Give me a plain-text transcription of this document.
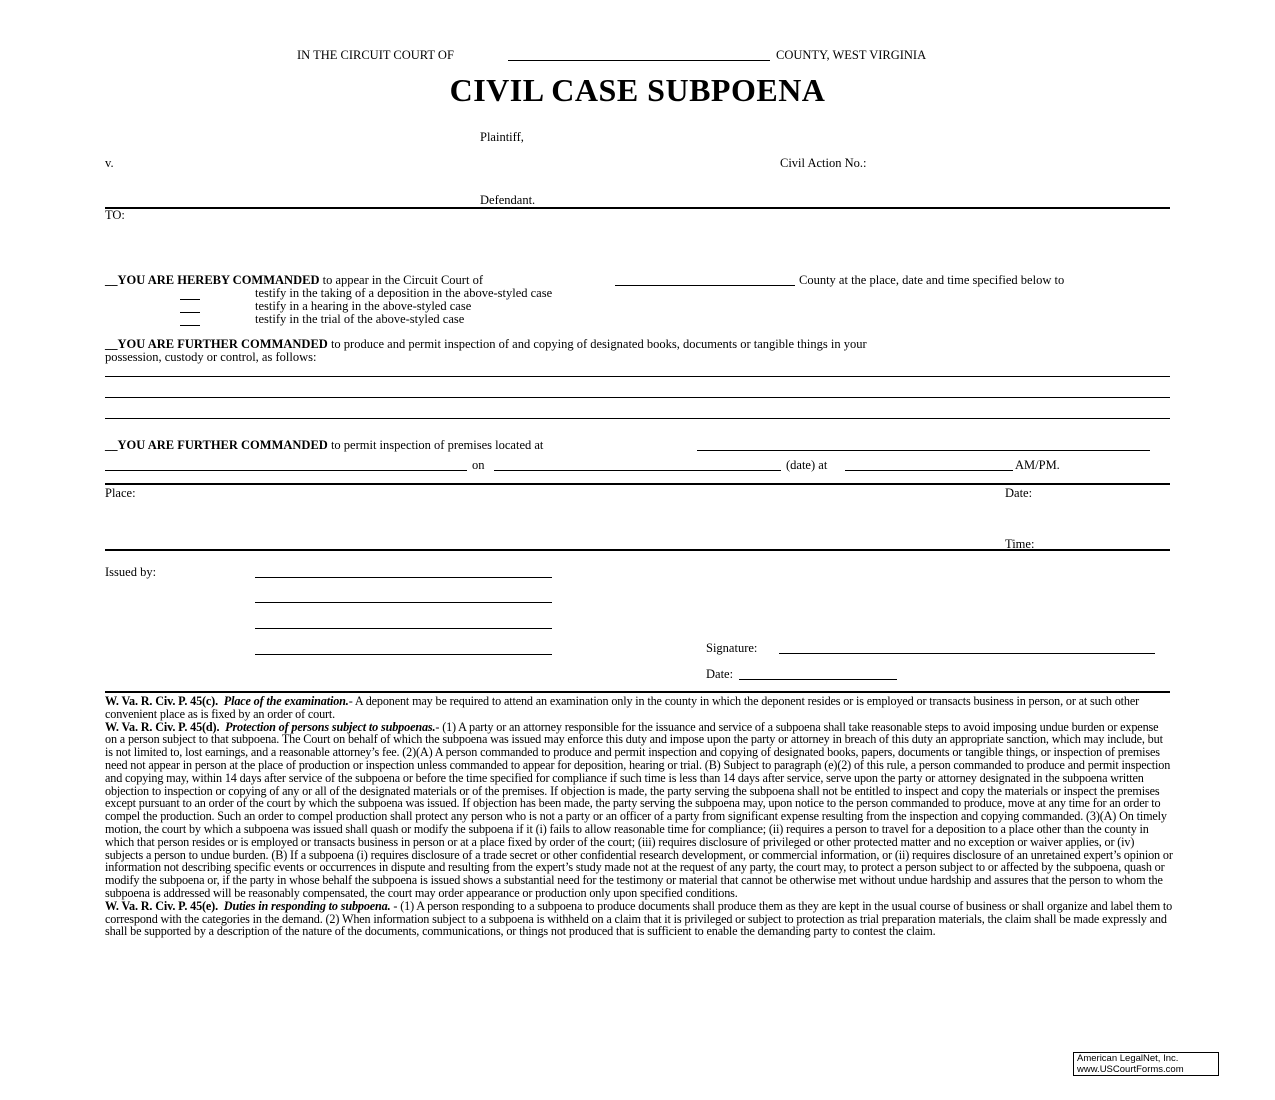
IN THE CIRCUIT COURT OF	COUNTY, WEST VIRGINIA
CIVIL CASE SUBPOENA
Plaintiff,
v.	Civil Action No.:
Defendant.
TO:
__YOU ARE HEREBY COMMANDED to appear in the Circuit Court of	County at the place, date and time specified below to
testify in the taking of a deposition in the above-styled case
testify in a hearing in the above-styled case
testify in the trial of the above-styled case
__YOU ARE FURTHER COMMANDED to produce and permit inspection of and copying of designated books, documents or tangible things in your
possession, custody or control, as follows:
__YOU ARE FURTHER COMMANDED to permit inspection of premises located at
on	(date) at	AM/PM.
Place:	Date:
Time:
Issued by:
Signature:
Date:

W. Va. R. Civ. P. 45(c). Place of the examination.- A deponent may be required to attend an examination only in the county in which the deponent resides or is employed or transacts business in person, or at such other convenient place as is fixed by an order of court.

W. Va. R. Civ. P. 45(d). Protection of persons subject to subpoenas.- (1) A party or an attorney responsible for the issuance and service of a subpoena shall take reasonable steps to avoid imposing undue burden or expense on a person subject to that subpoena. The Court on behalf of which the subpoena was issued may enforce this duty and impose upon the party or attorney in breach of this duty an appropriate sanction, which may include, but is not limited to, lost earnings, and a reasonable attorney’s fee. (2)(A) A person commanded to produce and permit inspection and copying of designated books, papers, documents or tangible things, or inspection of premises need not appear in person at the place of production or inspection unless commanded to appear for deposition, hearing or trial. (B) Subject to paragraph (e)(2) of this rule, a person commanded to produce and permit inspection and copying may, within 14 days after service of the subpoena or before the time specified for compliance if such time is less than 14 days after service, serve upon the party or attorney designated in the subpoena written objection to inspection or copying of any or all of the designated materials or of the premises. If objection is made, the party serving the subpoena shall not be entitled to inspect and copy the materials or inspect the premises except pursuant to an order of the court by which the subpoena was issued. If objection has been made, the party serving the subpoena may, upon notice to the person commanded to produce, move at any time for an order to compel the production. Such an order to compel production shall protect any person who is not a party or an officer of a party from significant expense resulting from the inspection and copying commanded. (3)(A) On timely motion, the court by which a subpoena was issued shall quash or modify the subpoena if it (i) fails to allow reasonable time for compliance; (ii) requires a person to travel for a deposition to a place other than the county in which that person resides or is employed or transacts business in person or at a place fixed by order of the court; (iii) requires disclosure of privileged or other protected matter and no exception or waiver applies, or (iv) subjects a person to undue burden. (B) If a subpoena (i) requires disclosure of a trade secret or other confidential research development, or commercial information, or (ii) requires disclosure of an unretained expert’s opinion or information not describing specific events or occurrences in dispute and resulting from the expert’s study made not at the request of any party, the court may, to protect a person subject to or affected by the subpoena, quash or modify the subpoena or, if the party in whose behalf the subpoena is issued shows a substantial need for the testimony or material that cannot be otherwise met without undue hardship and assures that the person to whom the subpoena is addressed will be reasonably compensated, the court may order appearance or production only upon specified conditions.

W. Va. R. Civ. P. 45(e). Duties in responding to subpoena. - (1) A person responding to a subpoena to produce documents shall produce them as they are kept in the usual course of business or shall organize and label them to correspond with the categories in the demand. (2) When information subject to a subpoena is withheld on a claim that it is privileged or subject to protection as trial preparation materials, the claim shall be made expressly and shall be supported by a description of the nature of the documents, communications, or things not produced that is sufficient to enable the demanding party to contest the claim.

American LegalNet, Inc.
www.USCourtForms.com
